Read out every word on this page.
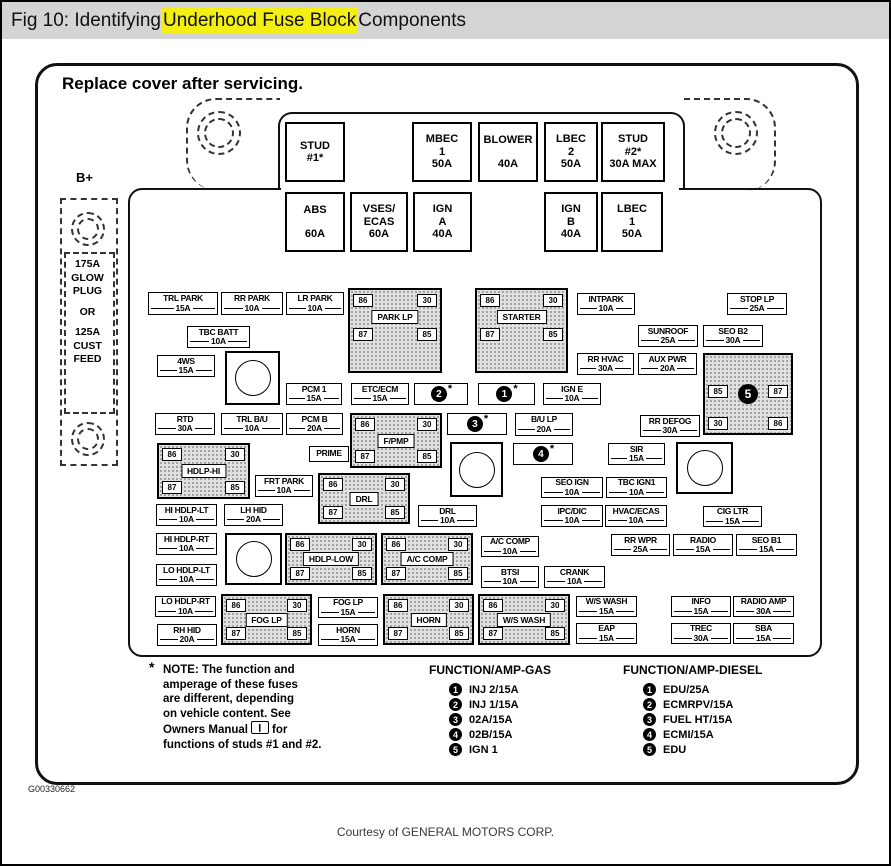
Fig 10: Identifying Underhood Fuse Block Components
Replace cover after servicing.
B+
175A
GLOW
PLUG
OR
125A
CUST
FEED
STUD
#1*
MBEC
1
50A
BLOWER
40A
LBEC
2
50A
STUD
#2*
30A MAX
ABS
60A
VSES/
ECAS
60A
IGN
A
40A
IGN
B
40A
LBEC
1
50A
TRL PARK
15A
RR PARK
10A
LR PARK
10A
INTPARK
10A
STOP LP
25A
TBC BATT
10A
SUNROOF
25A
SEO B2
30A
4WS
15A
RR HVAC
30A
AUX PWR
20A
PCM 1
15A
ETC/ECM
15A
IGN E
10A
RTD
30A
TRL B/U
10A
PCM B
20A
B/U LP
20A
RR DEFOG
30A
PRIME	SIR
15A
FRT PARK
10A
SEO IGN
10A
TBC IGN1
10A
HI HDLP-LT
10A
LH HID
20A
DRL
10A
IPC/DIC
10A
HVAC/ECAS
10A
CIG LTR
15A
HI HDLP-RT
10A
A/C COMP
10A
RR WPR
25A
RADIO
15A
SEO B1
15A
LO HDLP-LT
10A
BTSI
10A
CRANK
10A
LO HDLP-RT
10A
FOG LP
15A
W/S WASH
15A
INFO
15A
RADIO AMP
30A
RH HID
20A
HORN
15A
EAP
15A
TREC
30A
SBA
15A
86	30
87	85
PARK LP
86	30
87	85
STARTER
85	87
30	86
5
86	30
87	85
F/PMP
86	30
87	85
HDLP-HI
86	30
87	85
DRL
86	30
87	85
HDLP-LOW
86	30
87	85
A/C COMP
86	30
87	85
FOG LP
86	30
87	85
HORN
86	30
87	85
W/S WASH
2 *	1 *
3 *
4 *
* NOTE: The function and
amperage of these fuses
are different, depending
on vehicle content. See
Owners Manual for
functions of studs #1 and #2.
FUNCTION/AMP-GAS
1	INJ 2/15A
2	INJ 1/15A
3	02A/15A
4	02B/15A
5	IGN 1
FUNCTION/AMP-DIESEL
1	EDU/25A
2	ECMRPV/15A
3	FUEL HT/15A
4	ECMI/15A
5	EDU
G00330662
Courtesy of GENERAL MOTORS CORP.
